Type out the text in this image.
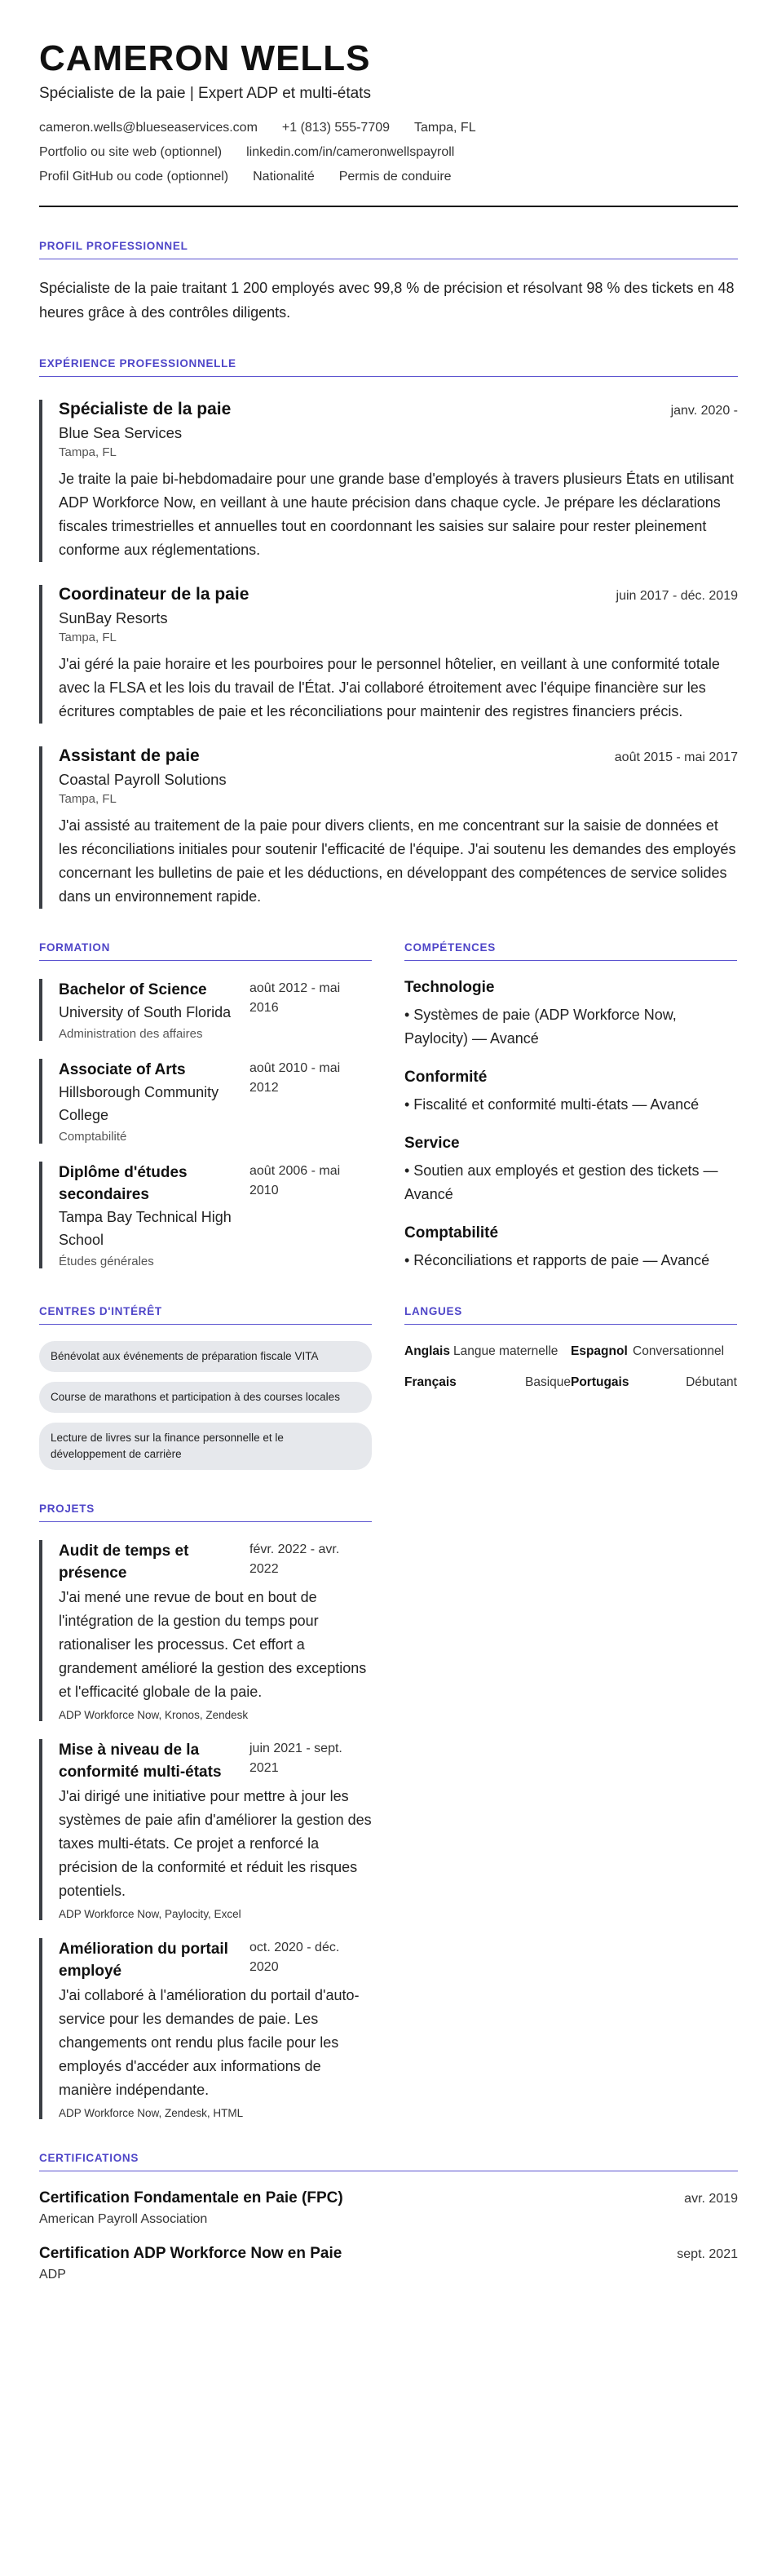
CAMERON WELLS
Spécialiste de la paie | Expert ADP et multi-états
cameron.wells@blueseaservices.com +1 (813) 555-7709 Tampa, FL
Portfolio ou site web (optionnel) linkedin.com/in/cameronwellspayroll
Profil GitHub ou code (optionnel) Nationalité Permis de conduire
PROFIL PROFESSIONNEL
Spécialiste de la paie traitant 1 200 employés avec 99,8 % de précision et résolvant 98 % des tickets en 48 heures grâce à des contrôles diligents.
EXPÉRIENCE PROFESSIONNELLE
Spécialiste de la paie	janv. 2020 -
Blue Sea Services
Tampa, FL
Je traite la paie bi-hebdomadaire pour une grande base d'employés à travers plusieurs États en utilisant ADP Workforce Now, en veillant à une haute précision dans chaque cycle. Je prépare les déclarations fiscales trimestrielles et annuelles tout en coordonnant les saisies sur salaire pour rester pleinement conforme aux réglementations.
Coordinateur de la paie	juin 2017 - déc. 2019
SunBay Resorts
Tampa, FL
J'ai géré la paie horaire et les pourboires pour le personnel hôtelier, en veillant à une conformité totale avec la FLSA et les lois du travail de l'État. J'ai collaboré étroitement avec l'équipe financière sur les écritures comptables de paie et les réconciliations pour maintenir des registres financiers précis.
Assistant de paie	août 2015 - mai 2017
Coastal Payroll Solutions
Tampa, FL
J'ai assisté au traitement de la paie pour divers clients, en me concentrant sur la saisie de données et les réconciliations initiales pour soutenir l'efficacité de l'équipe. J'ai soutenu les demandes des employés concernant les bulletins de paie et les déductions, en développant des compétences de service solides dans un environnement rapide.
FORMATION
Bachelor of Science
University of South Florida
Administration des affaires
août 2012 - mai 2016
Associate of Arts
Hillsborough Community College
Comptabilité
août 2010 - mai 2012
Diplôme d'études secondaires
Tampa Bay Technical High School
Études générales
août 2006 - mai 2010
COMPÉTENCES
Technologie
• Systèmes de paie (ADP Workforce Now, Paylocity) — Avancé
Conformité
• Fiscalité et conformité multi-états — Avancé
Service
• Soutien aux employés et gestion des tickets — Avancé
Comptabilité
• Réconciliations et rapports de paie — Avancé
CENTRES D'INTÉRÊT
Bénévolat aux événements de préparation fiscale VITA
Course de marathons et participation à des courses locales
Lecture de livres sur la finance personnelle et le développement de carrière
LANGUES
Anglais Langue maternelle	Espagnol Conversationnel
Français	Basique Portugais	Débutant
PROJETS
Audit de temps et présence
févr. 2022 - avr. 2022
J'ai mené une revue de bout en bout de l'intégration de la gestion du temps pour rationaliser les processus. Cet effort a grandement amélioré la gestion des exceptions et l'efficacité globale de la paie.
ADP Workforce Now, Kronos, Zendesk
Mise à niveau de la conformité multi-états
juin 2021 - sept. 2021
J'ai dirigé une initiative pour mettre à jour les systèmes de paie afin d'améliorer la gestion des taxes multi-états. Ce projet a renforcé la précision de la conformité et réduit les risques potentiels.
ADP Workforce Now, Paylocity, Excel
Amélioration du portail employé
oct. 2020 - déc. 2020
J'ai collaboré à l'amélioration du portail d'auto-service pour les demandes de paie. Les changements ont rendu plus facile pour les employés d'accéder aux informations de manière indépendante.
ADP Workforce Now, Zendesk, HTML
CERTIFICATIONS
Certification Fondamentale en Paie (FPC)	avr. 2019
American Payroll Association
Certification ADP Workforce Now en Paie	sept. 2021
ADP
